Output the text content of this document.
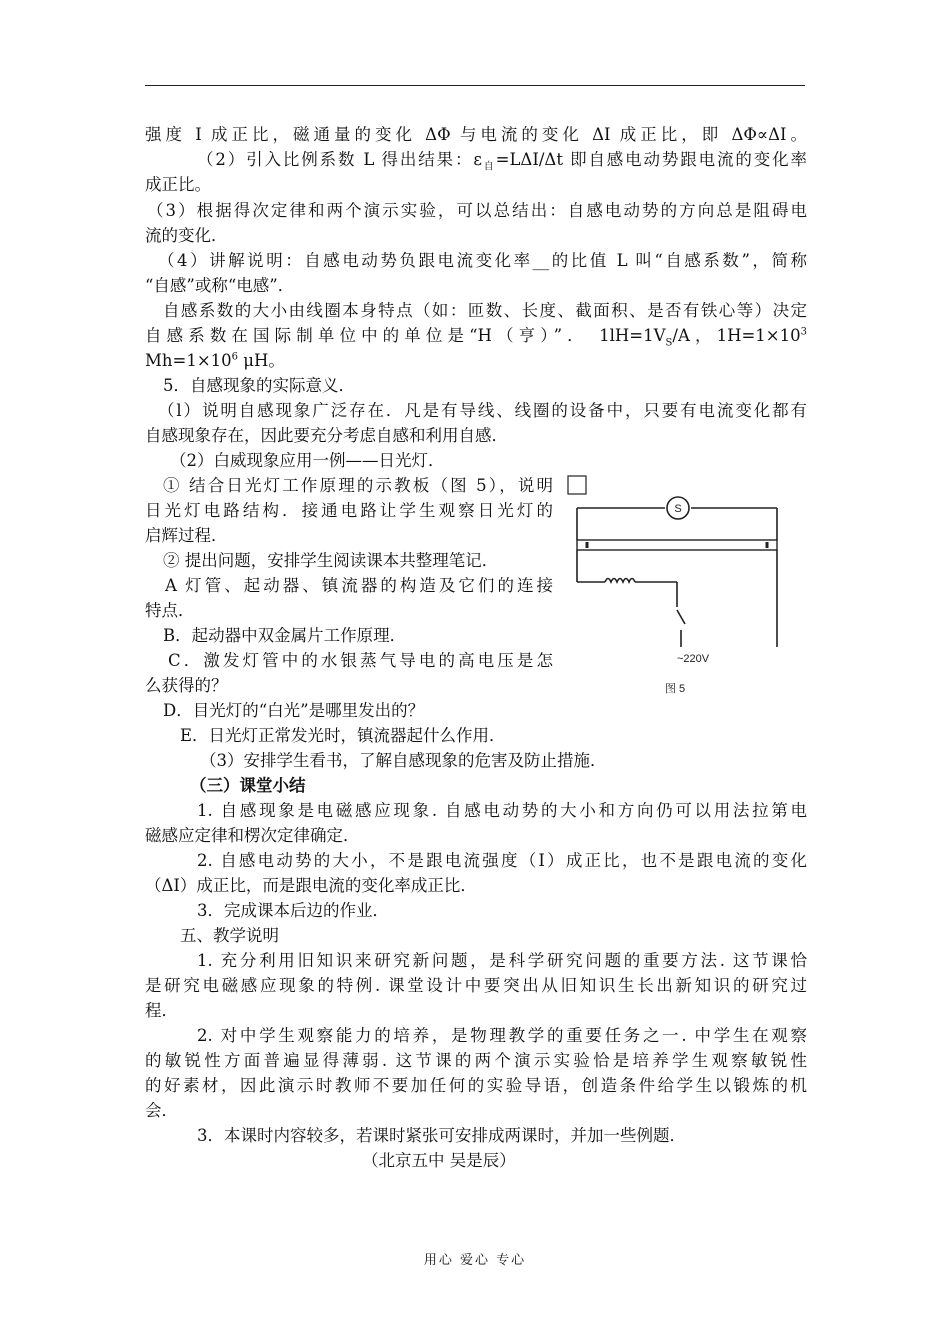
强度 I 成正比，磁通量的变化 ΔΦ 与电流的变化 ΔI 成正比，即 ΔΦ∝ΔI。
（2）引入比例系数 L 得出结果：$\varepsilon_自=L\Delta I/\Delta t$ 即自感电动势跟电流的变化率
成正比。
（3）根据得次定律和两个演示实验，可以总结出：自感电动势的方向总是阻碍电
流的变化．
（4）讲解说明：自感电动势负跟电流变化率__的比值 L 叫“自感系数”，简称
“自感”或称“电感”．
自感系数的大小由线圈本身特点（如：匝数、长度、截面积、是否有铁心等）决定
自感系数在国际制单位中的单位是“H（亨）”． $1lH=1V_S/A$，$1H=1\times 10^3$
$Mh=1\times 10^6$ μH。
5．自感现象的实际意义．
（l）说明自感现象广泛存在．凡是有导线、线圈的设备中，只要有电流变化都有
自感现象存在，因此要充分考虑自感和利用自感．
（2）白威现象应用一例——日光灯．
① 结合日光灯工作原理的示教板（图 5），说明
日光灯电路结构．接通电路让学生观察日光灯的
启辉过程．
② 提出问题，安排学生阅读课本共整理笔记．
A 灯管、起动器、镇流器的构造及它们的连接
特点．
B．起动器中双金属片工作原理．
C．激发灯管中的水银蒸气导电的高电压是怎
么获得的？
D．目光灯的“白光”是哪里发出的？
E．日光灯正常发光时，镇流器起什么作用．
（3）安排学生看书，了解自感现象的危害及防止措施．
（三）课堂小结
1. 自感现象是电磁感应现象. 自感电动势的大小和方向仍可以用法拉第电
磁感应定律和楞次定律确定．
2. 自感电动势的大小，不是跟电流强度（I）成正比，也不是跟电流的变化
（ΔI）成正比，而是跟电流的变化率成正比．
3．完成课本后边的作业．
五、教学说明
1. 充分利用旧知识来研究新问题，是科学研究问题的重要方法. 这节课恰
是研究电磁感应现象的特例. 课堂设计中要突出从旧知识生长出新知识的研究过
程．
2. 对中学生观察能力的培养，是物理教学的重要任务之一. 中学生在观察
的敏锐性方面普遍显得薄弱. 这节课的两个演示实验恰是培养学生观察敏锐性
的好素材，因此演示时教师不要加任何的实验导语，创造条件给学生以锻炼的机
会．
3．本课时内容较多，若课时紧张可安排成两课时，并加一些例题．
（北京五中 吴是辰）
S
~220V
图 5
用心 爱心 专心
